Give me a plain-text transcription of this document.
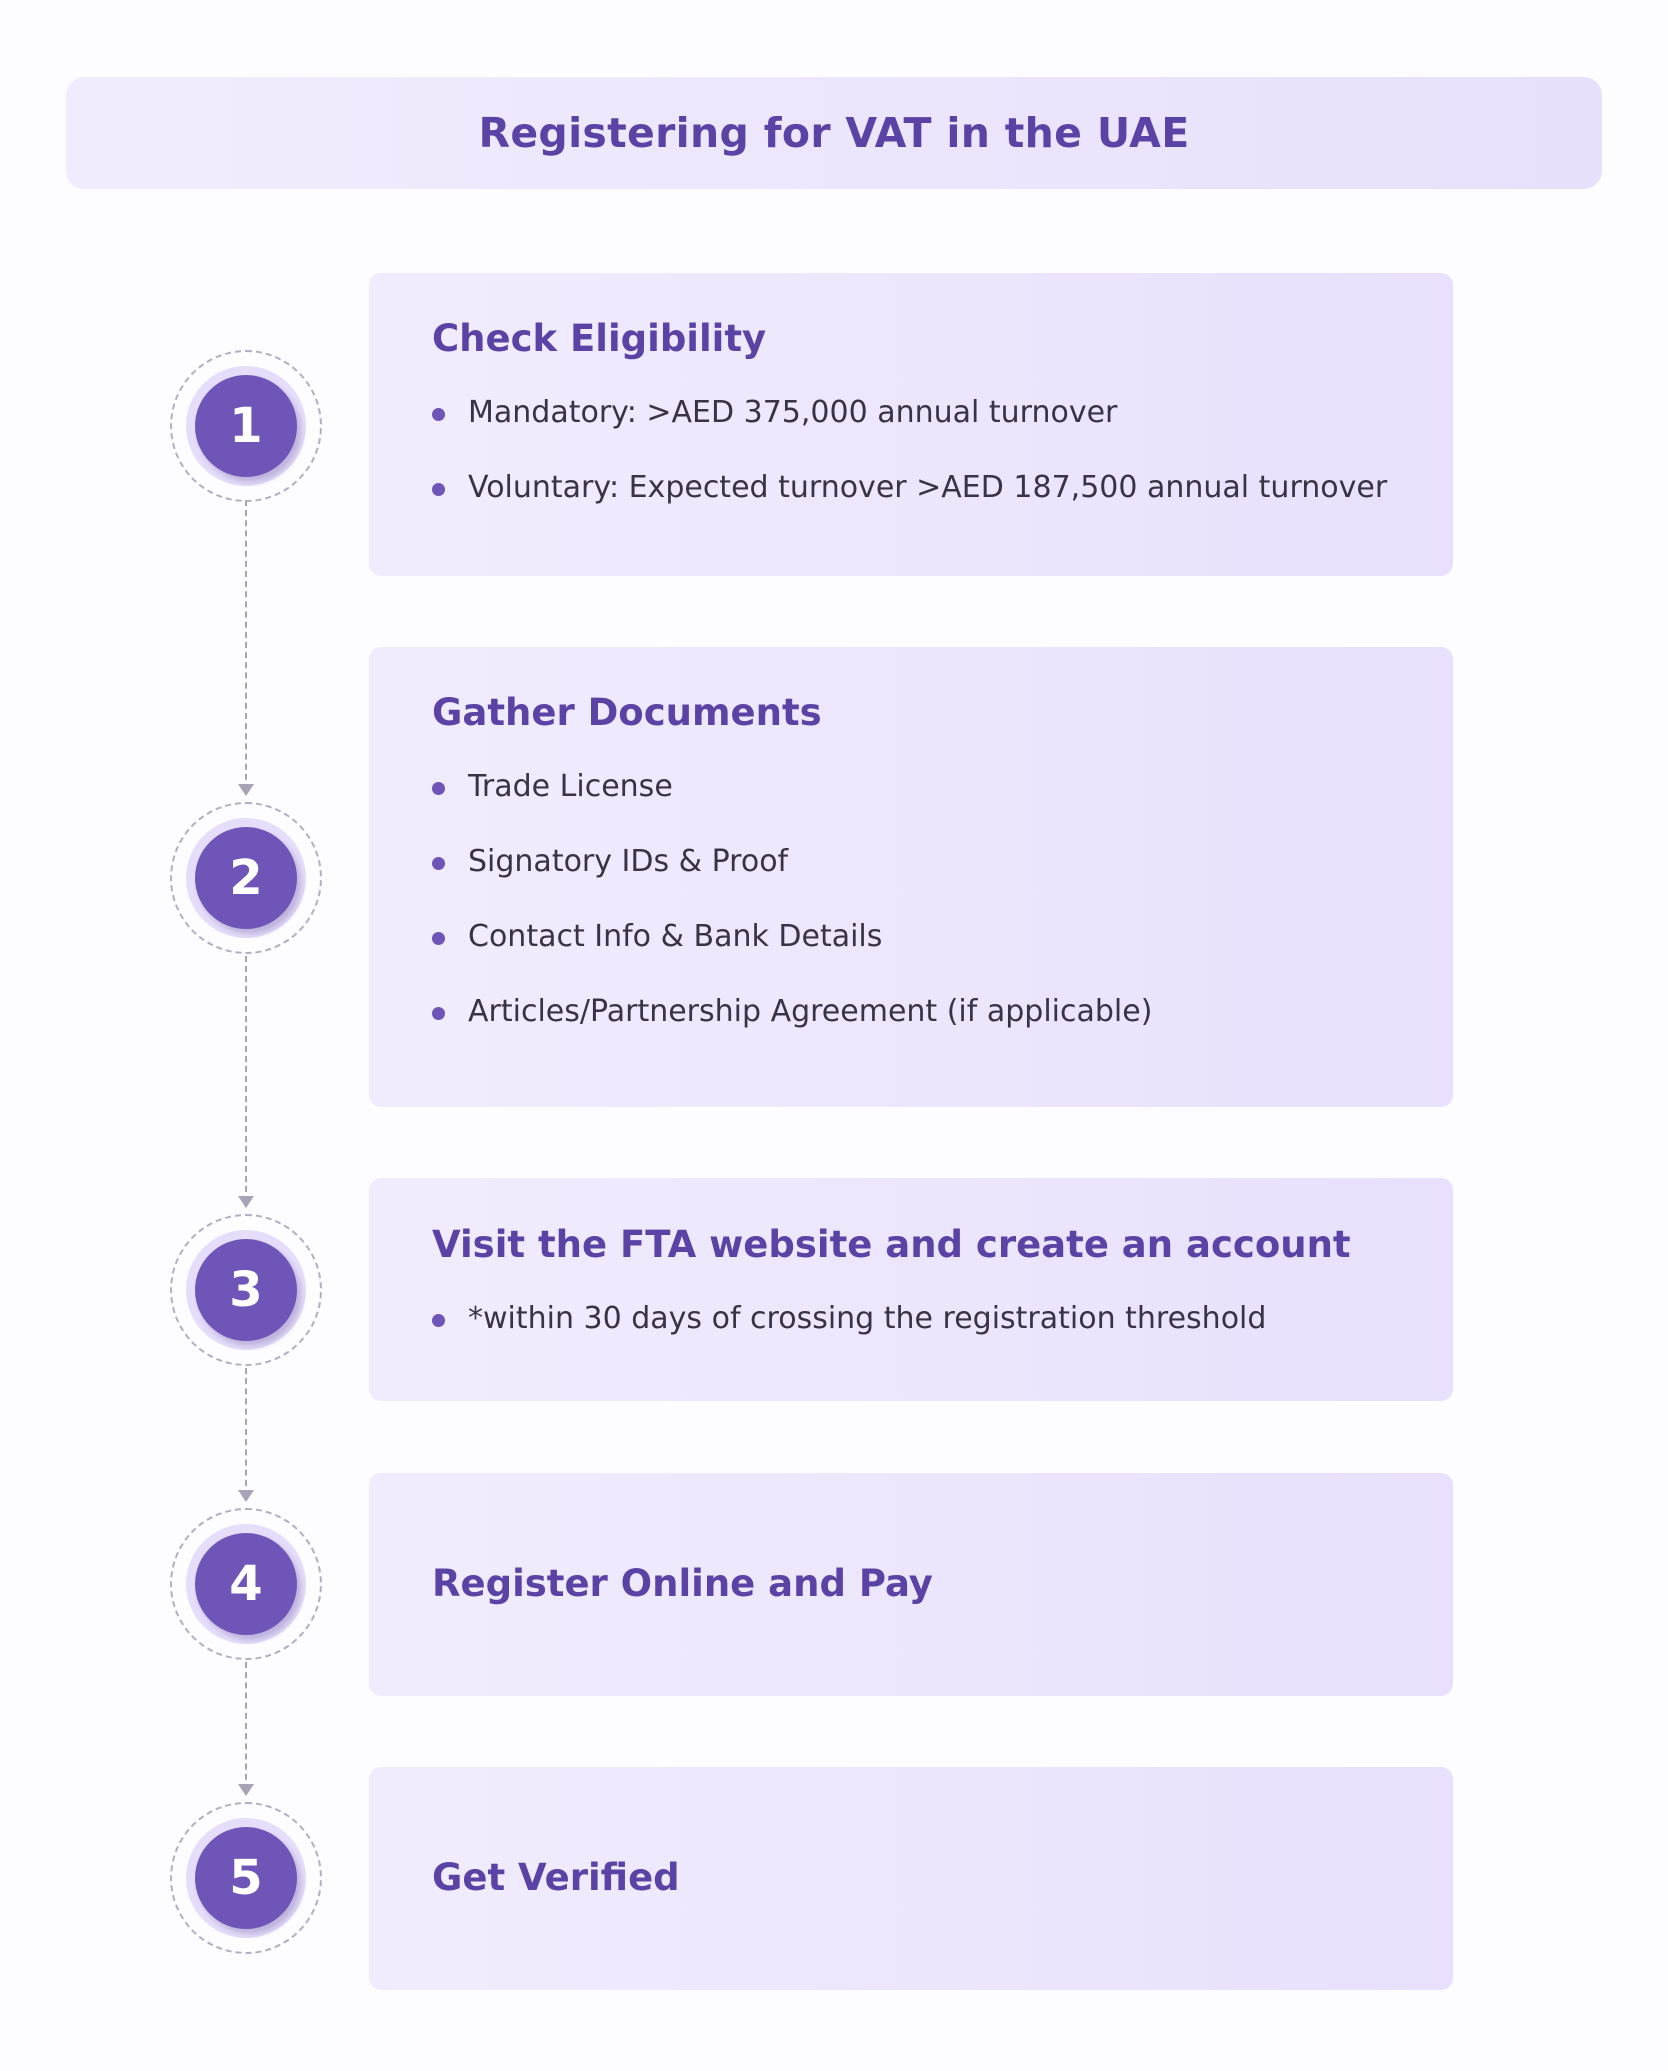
Registering for VAT in the UAE
1
Check Eligibility
Mandatory: >AED 375,000 annual turnover
Voluntary: Expected turnover >AED 187,500 annual turnover
2
Gather Documents
Trade License
Signatory IDs & Proof
Contact Info & Bank Details
Articles/Partnership Agreement (if applicable)
3
Visit the FTA website and create an account
*within 30 days of crossing the registration threshold
4	Register Online and Pay
5	Get Verified
